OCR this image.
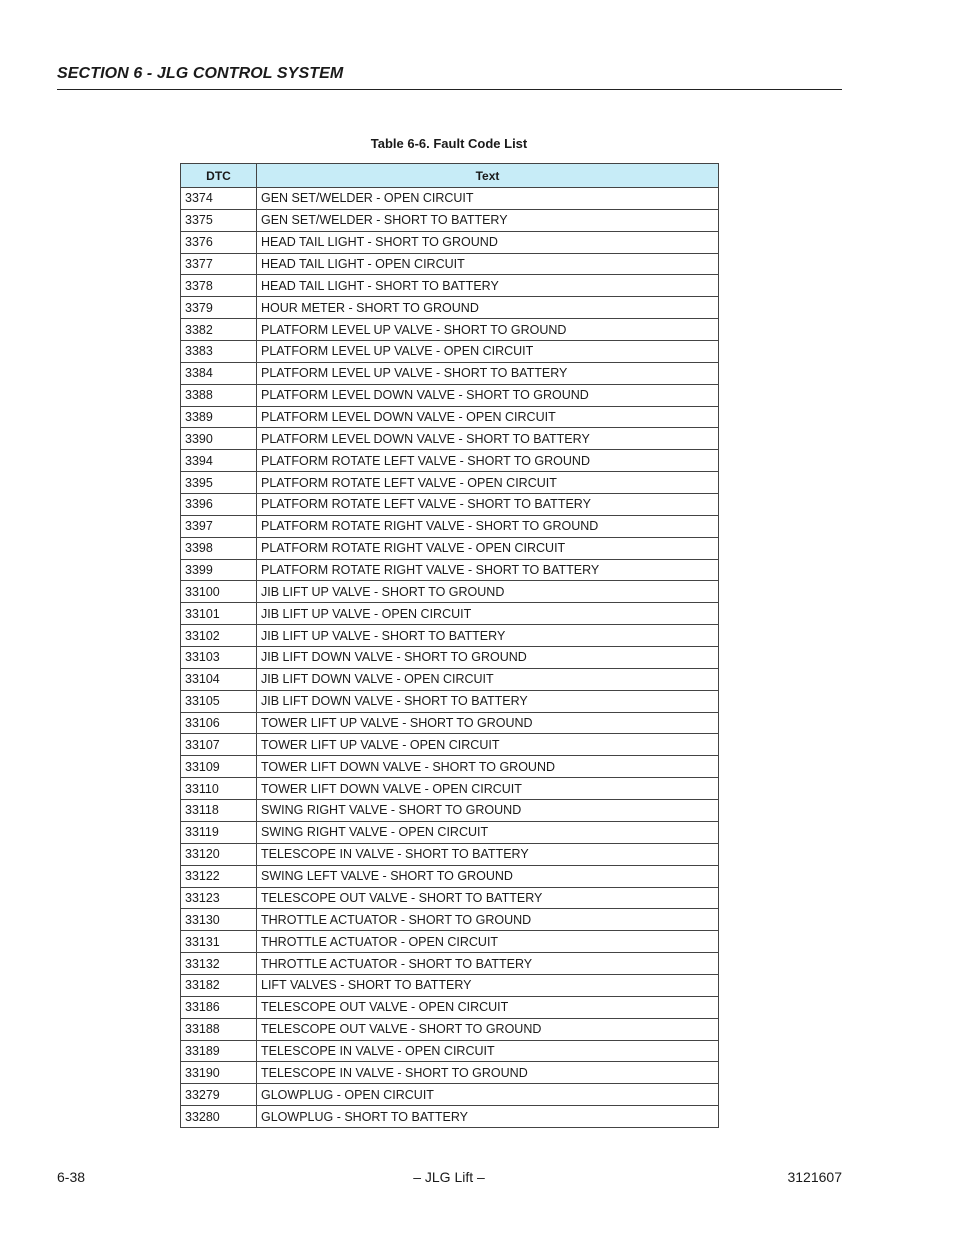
SECTION 6 - JLG CONTROL SYSTEM
Table 6-6. Fault Code List
DTC	Text
3374	GEN SET/WELDER - OPEN CIRCUIT
3375	GEN SET/WELDER - SHORT TO BATTERY
3376	HEAD TAIL LIGHT - SHORT TO GROUND
3377	HEAD TAIL LIGHT - OPEN CIRCUIT
3378	HEAD TAIL LIGHT - SHORT TO BATTERY
3379	HOUR METER - SHORT TO GROUND
3382	PLATFORM LEVEL UP VALVE - SHORT TO GROUND
3383	PLATFORM LEVEL UP VALVE - OPEN CIRCUIT
3384	PLATFORM LEVEL UP VALVE - SHORT TO BATTERY
3388	PLATFORM LEVEL DOWN VALVE - SHORT TO GROUND
3389	PLATFORM LEVEL DOWN VALVE - OPEN CIRCUIT
3390	PLATFORM LEVEL DOWN VALVE - SHORT TO BATTERY
3394	PLATFORM ROTATE LEFT VALVE - SHORT TO GROUND
3395	PLATFORM ROTATE LEFT VALVE - OPEN CIRCUIT
3396	PLATFORM ROTATE LEFT VALVE - SHORT TO BATTERY
3397	PLATFORM ROTATE RIGHT VALVE - SHORT TO GROUND
3398	PLATFORM ROTATE RIGHT VALVE - OPEN CIRCUIT
3399	PLATFORM ROTATE RIGHT VALVE - SHORT TO BATTERY
33100	JIB LIFT UP VALVE - SHORT TO GROUND
33101	JIB LIFT UP VALVE - OPEN CIRCUIT
33102	JIB LIFT UP VALVE - SHORT TO BATTERY
33103	JIB LIFT DOWN VALVE - SHORT TO GROUND
33104	JIB LIFT DOWN VALVE - OPEN CIRCUIT
33105	JIB LIFT DOWN VALVE - SHORT TO BATTERY
33106	TOWER LIFT UP VALVE - SHORT TO GROUND
33107	TOWER LIFT UP VALVE - OPEN CIRCUIT
33109	TOWER LIFT DOWN VALVE - SHORT TO GROUND
33110	TOWER LIFT DOWN VALVE - OPEN CIRCUIT
33118	SWING RIGHT VALVE - SHORT TO GROUND
33119	SWING RIGHT VALVE - OPEN CIRCUIT
33120	TELESCOPE IN VALVE - SHORT TO BATTERY
33122	SWING LEFT VALVE - SHORT TO GROUND
33123	TELESCOPE OUT VALVE - SHORT TO BATTERY
33130	THROTTLE ACTUATOR - SHORT TO GROUND
33131	THROTTLE ACTUATOR - OPEN CIRCUIT
33132	THROTTLE ACTUATOR - SHORT TO BATTERY
33182	LIFT VALVES - SHORT TO BATTERY
33186	TELESCOPE OUT VALVE - OPEN CIRCUIT
33188	TELESCOPE OUT VALVE - SHORT TO GROUND
33189	TELESCOPE IN VALVE - OPEN CIRCUIT
33190	TELESCOPE IN VALVE - SHORT TO GROUND
33279	GLOWPLUG - OPEN CIRCUIT
33280	GLOWPLUG - SHORT TO BATTERY
6-38	– JLG Lift –	3121607
